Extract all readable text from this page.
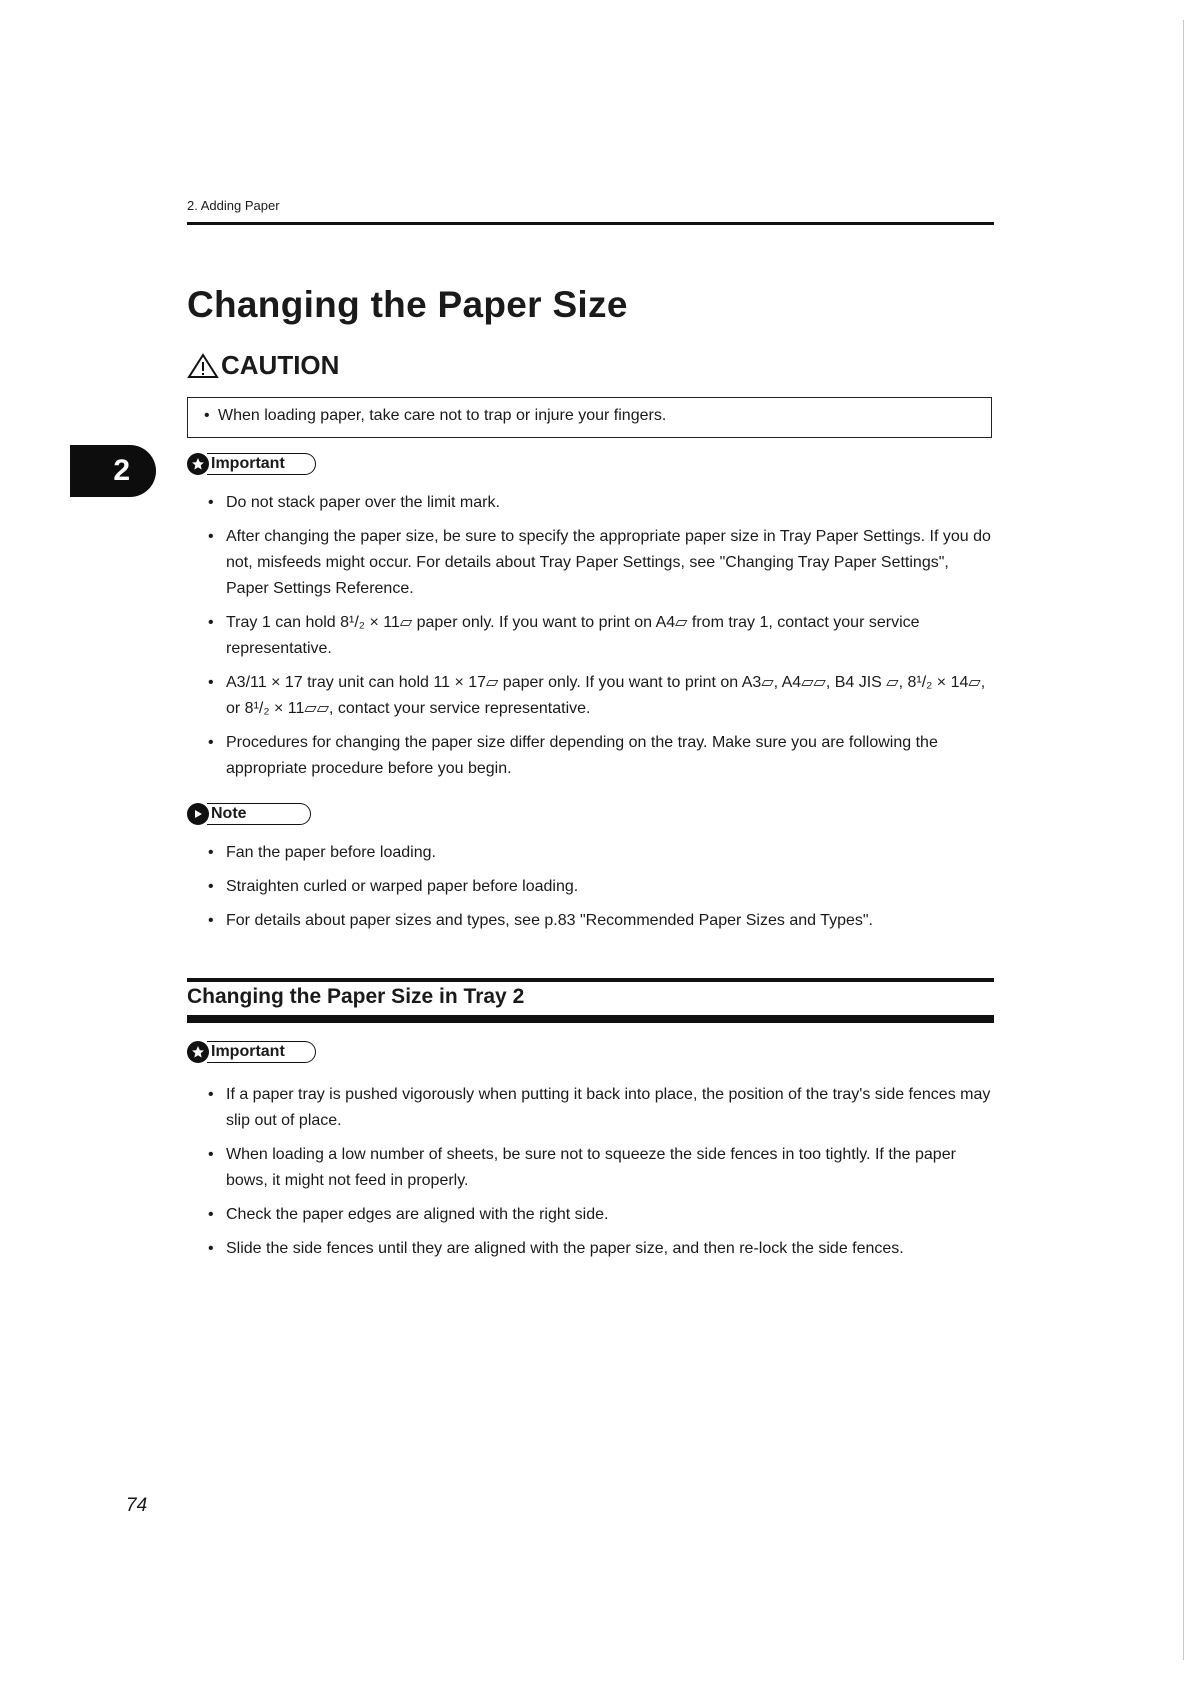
2. Adding Paper
Changing the Paper Size
CAUTION
• When loading paper, take care not to trap or injure your fingers.
2	Important
• Do not stack paper over the limit mark.
• After changing the paper size, be sure to specify the appropriate paper size in Tray Paper Settings. If you do not, misfeeds might occur. For details about Tray Paper Settings, see "Changing Tray Paper Settings", Paper Settings Reference.
• Tray 1 can hold 8¹/₂ × 11▱ paper only. If you want to print on A4▱ from tray 1, contact your service representative.
• A3/11 × 17 tray unit can hold 11 × 17▱ paper only. If you want to print on A3▱, A4▱▱, B4 JIS ▱, 8¹/₂ × 14▱, or 8¹/₂ × 11▱▱, contact your service representative.
• Procedures for changing the paper size differ depending on the tray. Make sure you are following the appropriate procedure before you begin.
Note
• Fan the paper before loading.
• Straighten curled or warped paper before loading.
• For details about paper sizes and types, see p.83 "Recommended Paper Sizes and Types".
Changing the Paper Size in Tray 2
Important
• If a paper tray is pushed vigorously when putting it back into place, the position of the tray's side fences may slip out of place.
• When loading a low number of sheets, be sure not to squeeze the side fences in too tightly. If the paper bows, it might not feed in properly.
• Check the paper edges are aligned with the right side.
• Slide the side fences until they are aligned with the paper size, and then re-lock the side fences.
74
